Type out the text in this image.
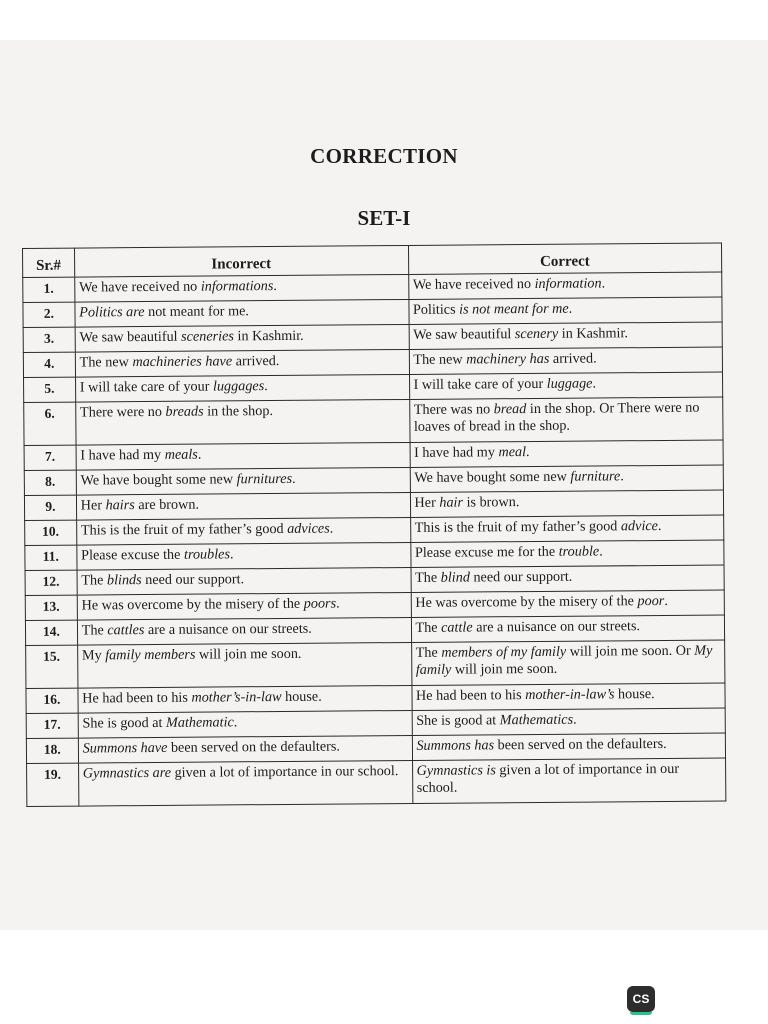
CORRECTION
SET-I
Sr.#	Incorrect	Correct
1.	We have received no informations.	We have received no information.
2.	Politics are not meant for me.	Politics is not meant for me.
3.	We saw beautiful sceneries in Kashmir.	We saw beautiful scenery in Kashmir.
4.	The new machineries have arrived.	The new machinery has arrived.
5.	I will take care of your luggages.	I will take care of your luggage.
6.	There were no breads in the shop.	There was no bread in the shop. Or There were no loaves of bread in the shop.
7.	I have had my meals.	I have had my meal.
8.	We have bought some new furnitures.	We have bought some new furniture.
9.	Her hairs are brown.	Her hair is brown.
10.	This is the fruit of my father’s good advices.	This is the fruit of my father’s good advice.
11.	Please excuse the troubles.	Please excuse me for the trouble.
12.	The blinds need our support.	The blind need our support.
13.	He was overcome by the misery of the poors.	He was overcome by the misery of the poor.
14.	The cattles are a nuisance on our streets.	The cattle are a nuisance on our streets.
15.	My family members will join me soon.	The members of my family will join me soon. Or My family will join me soon.
16.	He had been to his mother’s-in-law house.	He had been to his mother-in-law’s house.
17.	She is good at Mathematic.	She is good at Mathematics.
18.	Summons have been served on the defaulters.	Summons has been served on the defaulters.
19.	Gymnastics are given a lot of importance in our school.	Gymnastics is given a lot of importance in our school.
CS
